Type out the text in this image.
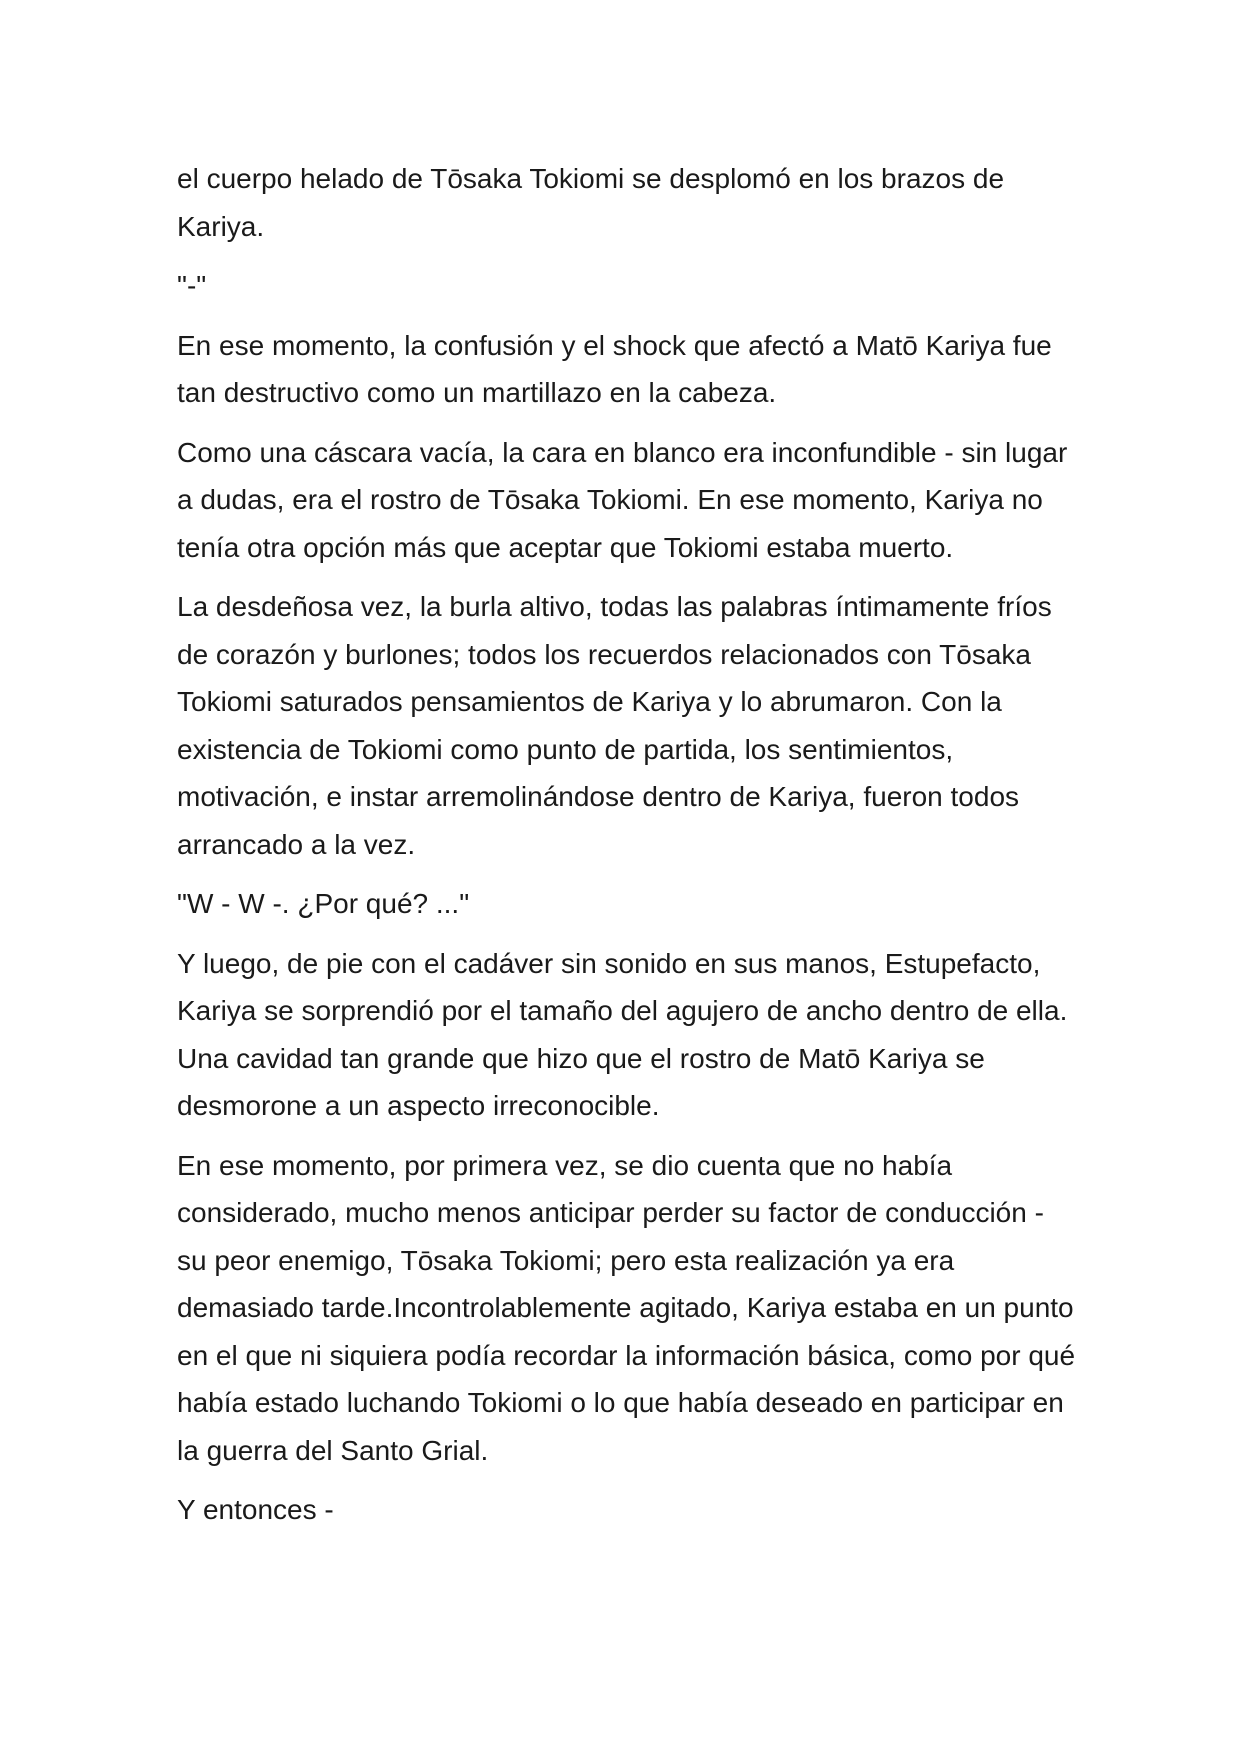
el cuerpo helado de Tōsaka Tokiomi se desplomó en los brazos de Kariya.

"-"

En ese momento, la confusión y el shock que afectó a Matō Kariya fue tan destructivo como un martillazo en la cabeza.

Como una cáscara vacía, la cara en blanco era inconfundible - sin lugar a dudas, era el rostro de Tōsaka Tokiomi. En ese momento, Kariya no tenía otra opción más que aceptar que Tokiomi estaba muerto.

La desdeñosa vez, la burla altivo, todas las palabras íntimamente fríos de corazón y burlones; todos los recuerdos relacionados con Tōsaka Tokiomi saturados pensamientos de Kariya y lo abrumaron. Con la existencia de Tokiomi como punto de partida, los sentimientos, motivación, e instar arremolinándose dentro de Kariya, fueron todos arrancado a la vez.

"W - W -. ¿Por qué? ..."

Y luego, de pie con el cadáver sin sonido en sus manos, Estupefacto, Kariya se sorprendió por el tamaño del agujero de ancho dentro de ella. Una cavidad tan grande que hizo que el rostro de Matō Kariya se desmorone a un aspecto irreconocible.

En ese momento, por primera vez, se dio cuenta que no había considerado, mucho menos anticipar perder su factor de conducción - su peor enemigo, Tōsaka Tokiomi; pero esta realización ya era demasiado tarde.Incontrolablemente agitado, Kariya estaba en un punto en el que ni siquiera podía recordar la información básica, como por qué había estado luchando Tokiomi o lo que había deseado en participar en la guerra del Santo Grial.

Y entonces -
